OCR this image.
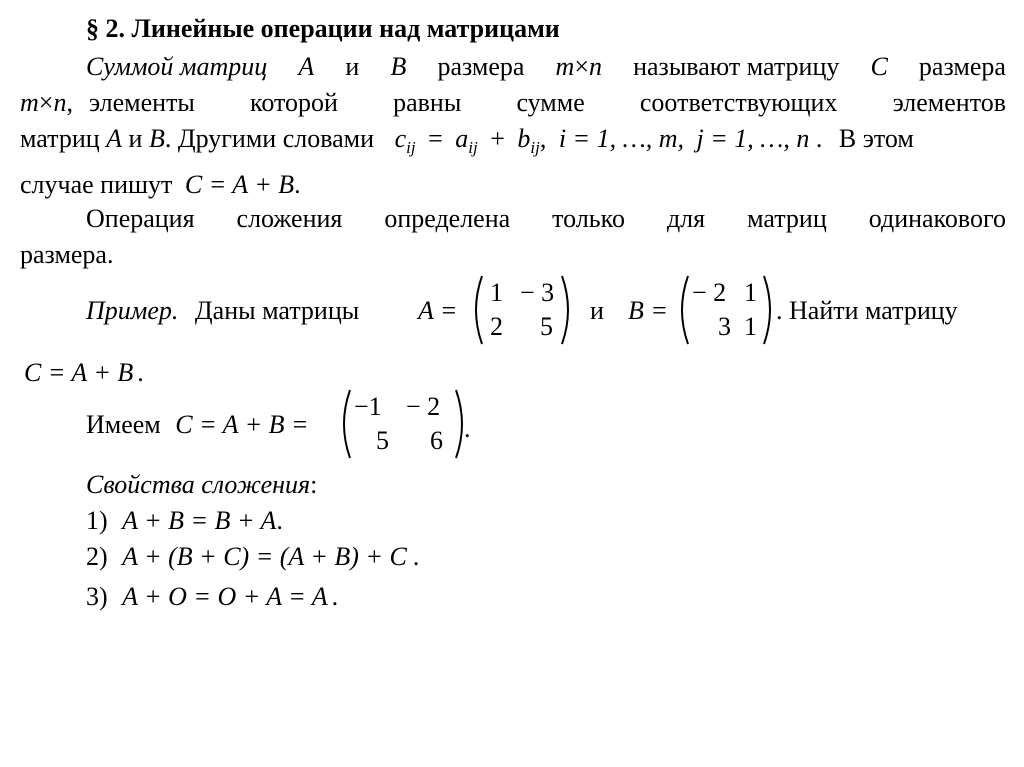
§ 2. Линейные операции над матрицами
Суммой матриц A и B размера m×n называют матрицу C размера
m×n, элементы которой равны сумме соответствующих элементов
матриц A и B. Другими словами $c_{ij} = a_{ij} + b_{ij}$, i = 1, …, m, j = 1, …, n . В этом
случае пишут C = A + B.
Операция сложения определена только для матриц одинакового
размера.
Пример. Даны матрицы A =
1 − 3
2 5
и B =
− 2 1
3 1
. Найти матрицу
C = A + B .
Имеем C = A + B =
−1 − 2
5 6 .
Свойства сложения:
1) A + B = B + A.
2) A + (B + C) = (A + B) + C .
3) A + O = O + A = A .
